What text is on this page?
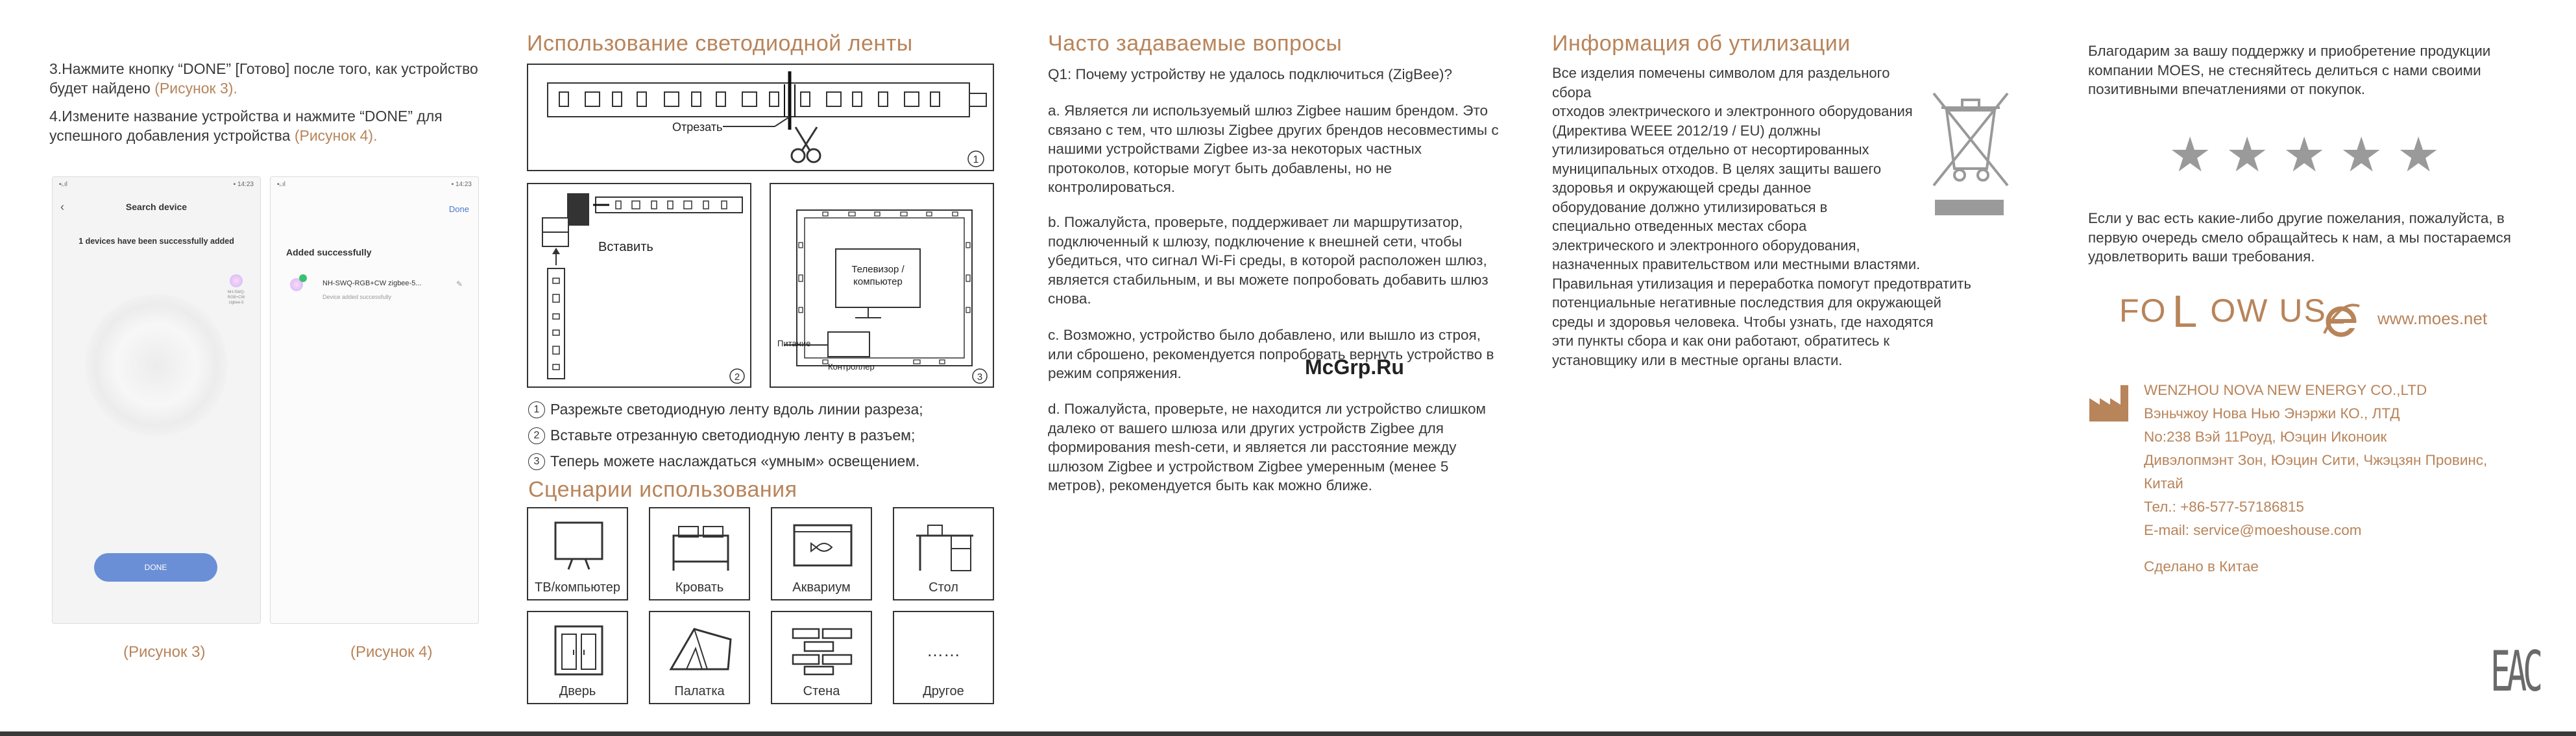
3.Нажмите кнопку “DONE” [Готово] после того, как устройство будет найдено (Рисунок 3).

4.Измените название устройства и нажмите “DONE” для успешного добавления устройства (Рисунок 4).

▪ᵢ.ıl	▪ 14:23
‹	Search device
1 devices have been successfully added
NH-SWQ-RGB+CW zigbee-5
DONE
▪ᵢ.ıl	▪ 14:23
Done
Added successfully
NH-SWQ-RGB+CW zigbee-5...	✎
Device added successfully
(Рисунок 3)	(Рисунок 4)
Использование светодиодной ленты
1
Отрезать
2
Вставить
3
Телевизор / компьютер
Питание
Контроллер
1 Разрежьте светодиодную ленту вдоль линии разреза;
2 Вставьте отрезанную светодиодную ленту в разъем;
3 Теперь можете наслаждаться «умным» освещением.
Сценарии использования
ТВ/компьютер	Кровать	Аквариум	Стол
Дверь	Палатка	Стена
……
Другое
Часто задаваемые вопросы

Q1: Почему устройству не удалось подключиться (ZigBee)?

a. Является ли используемый шлюз Zigbee нашим брендом. Это связано с тем, что шлюзы Zigbee других брендов несовместимы с нашими устройствами Zigbee из-за некоторых частных протоколов, которые могут быть добавлены, но не контролироваться.

b. Пожалуйста, проверьте, поддерживает ли маршрутизатор, подключенный к шлюзу, подключение к внешней сети, чтобы убедиться, что сигнал Wi-Fi среды, в которой расположен шлюз, является стабильным, и вы можете попробовать добавить шлюз снова.

c. Возможно, устройство было добавлено, или вышло из строя, или сброшено, рекомендуется попробовать вернуть устройство в режим сопряжения.

d. Пожалуйста, проверьте, не находится ли устройство слишком далеко от вашего шлюза или других устройств Zigbee для формирования mesh-сети, и является ли расстояние между шлюзом Zigbee и устройством Zigbee умеренным (менее 5 метров), рекомендуется быть как можно ближе.

McGrp.Ru
Информация об утилизации
Все изделия помечены символом для раздельного сбора
отходов электрического и электронного оборудования
(Директива WEEE 2012/19 / EU) должны
утилизироваться отдельно от несортированных
муниципальных отходов. В целях защиты вашего
здоровья и окружающей среды данное
оборудование должно утилизироваться в
специально отведенных местах сбора
электрического и электронного оборудования,
назначенных правительством или местными властями.
Правильная утилизация и переработка помогут предотвратить
потенциальные негативные последствия для окружающей
среды и здоровья человека. Чтобы узнать, где находятся
эти пункты сбора и как они работают, обратитесь к
установщику или в местные органы власти.

Благодарим за вашу поддержку и приобретение продукции компании MOES, не стесняйтесь делиться с нами своими позитивными впечатлениями от покупок.

★ ★ ★ ★ ★

Если у вас есть какие-либо другие пожелания, пожалуйста, в первую очередь смело обращайтесь к нам, а мы постараемся удовлетворить ваши требования.

FO L OW US	www.moes.net
WENZHOU NOVA NEW ENERGY CO.,LTD
Вэньчжоу Нова Нью Энэржи КО., ЛТД
No:238 Вэй 11Роуд, Юэцин Иконоик
Дивэлопмэнт Зон, Юэцин Сити, Чжэцзян Провинс,
Китай
Тел.: +86-577-57186815
E-mail: service@moeshouse.com
Сделано в Китае
EAC
